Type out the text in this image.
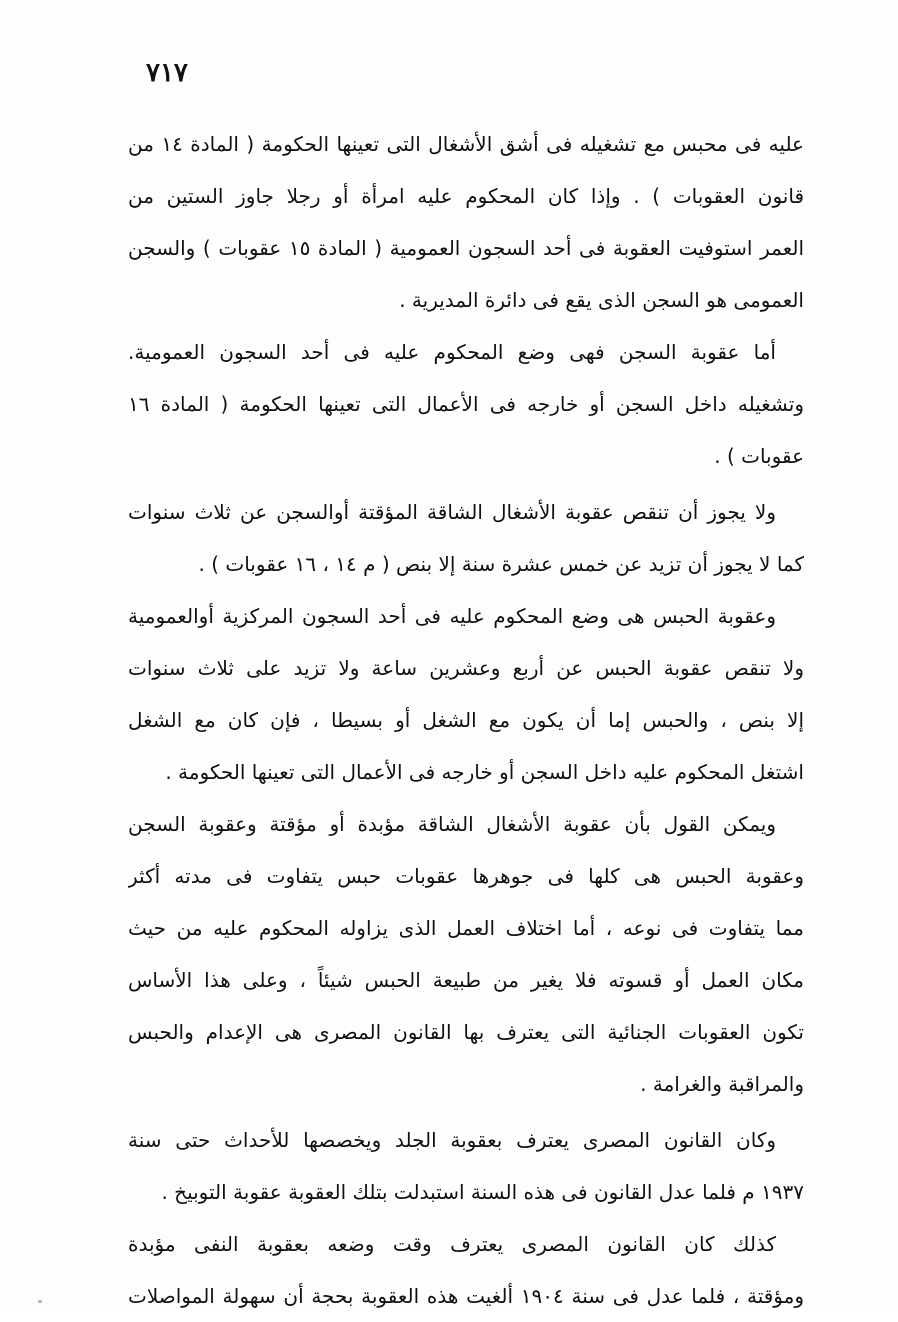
٧١٧
عليه فى محبس مع تشغيله فى أشق الأشغال التى تعينها الحكومة ( المادة ١٤ من
قانون العقوبات ) . وإذا كان المحكوم عليه امرأة أو رجلا جاوز الستين من
العمر استوفيت العقوبة فى أحد السجون العمومية ( المادة ١٥ عقوبات ) والسجن
العمومى هو السجن الذى يقع فى دائرة المديرية .
أما عقوبة السجن فهى وضع المحكوم عليه فى أحد السجون العمومية.
وتشغيله داخل السجن أو خارجه فى الأعمال التى تعينها الحكومة ( المادة ١٦
عقوبات ) .
ولا يجوز أن تنقص عقوبة الأشغال الشاقة المؤقتة أوالسجن عن ثلاث سنوات
كما لا يجوز أن تزيد عن خمس عشرة سنة إلا بنص ( م ١٤ ، ١٦ عقوبات ) .
وعقوبة الحبس هى وضع المحكوم عليه فى أحد السجون المركزية أوالعمومية
ولا تنقص عقوبة الحبس عن أربع وعشرين ساعة ولا تزيد على ثلاث سنوات
إلا بنص ، والحبس إما أن يكون مع الشغل أو بسيطا ، فإن كان مع الشغل
اشتغل المحكوم عليه داخل السجن أو خارجه فى الأعمال التى تعينها الحكومة .
ويمكن القول بأن عقوبة الأشغال الشاقة مؤبدة أو مؤقتة وعقوبة السجن
وعقوبة الحبس هى كلها فى جوهرها عقوبات حبس يتفاوت فى مدته أكثر
مما يتفاوت فى نوعه ، أما اختلاف العمل الذى يزاوله المحكوم عليه من حيث
مكان العمل أو قسوته فلا يغير من طبيعة الحبس شيئاً ، وعلى هذا الأساس
تكون العقوبات الجنائية التى يعترف بها القانون المصرى هى الإعدام والحبس
والمراقبة والغرامة .
وكان القانون المصرى يعترف بعقوبة الجلد ويخصصها للأحداث حتى سنة
١٩٣٧ م فلما عدل القانون فى هذه السنة استبدلت بتلك العقوبة عقوبة التوبيخ .
كذلك كان القانون المصرى يعترف وقت وضعه بعقوبة النفى مؤبدة
ومؤقتة ، فلما عدل فى سنة ١٩٠٤ ألغيت هذه العقوبة بحجة أن سهولة المواصلات
